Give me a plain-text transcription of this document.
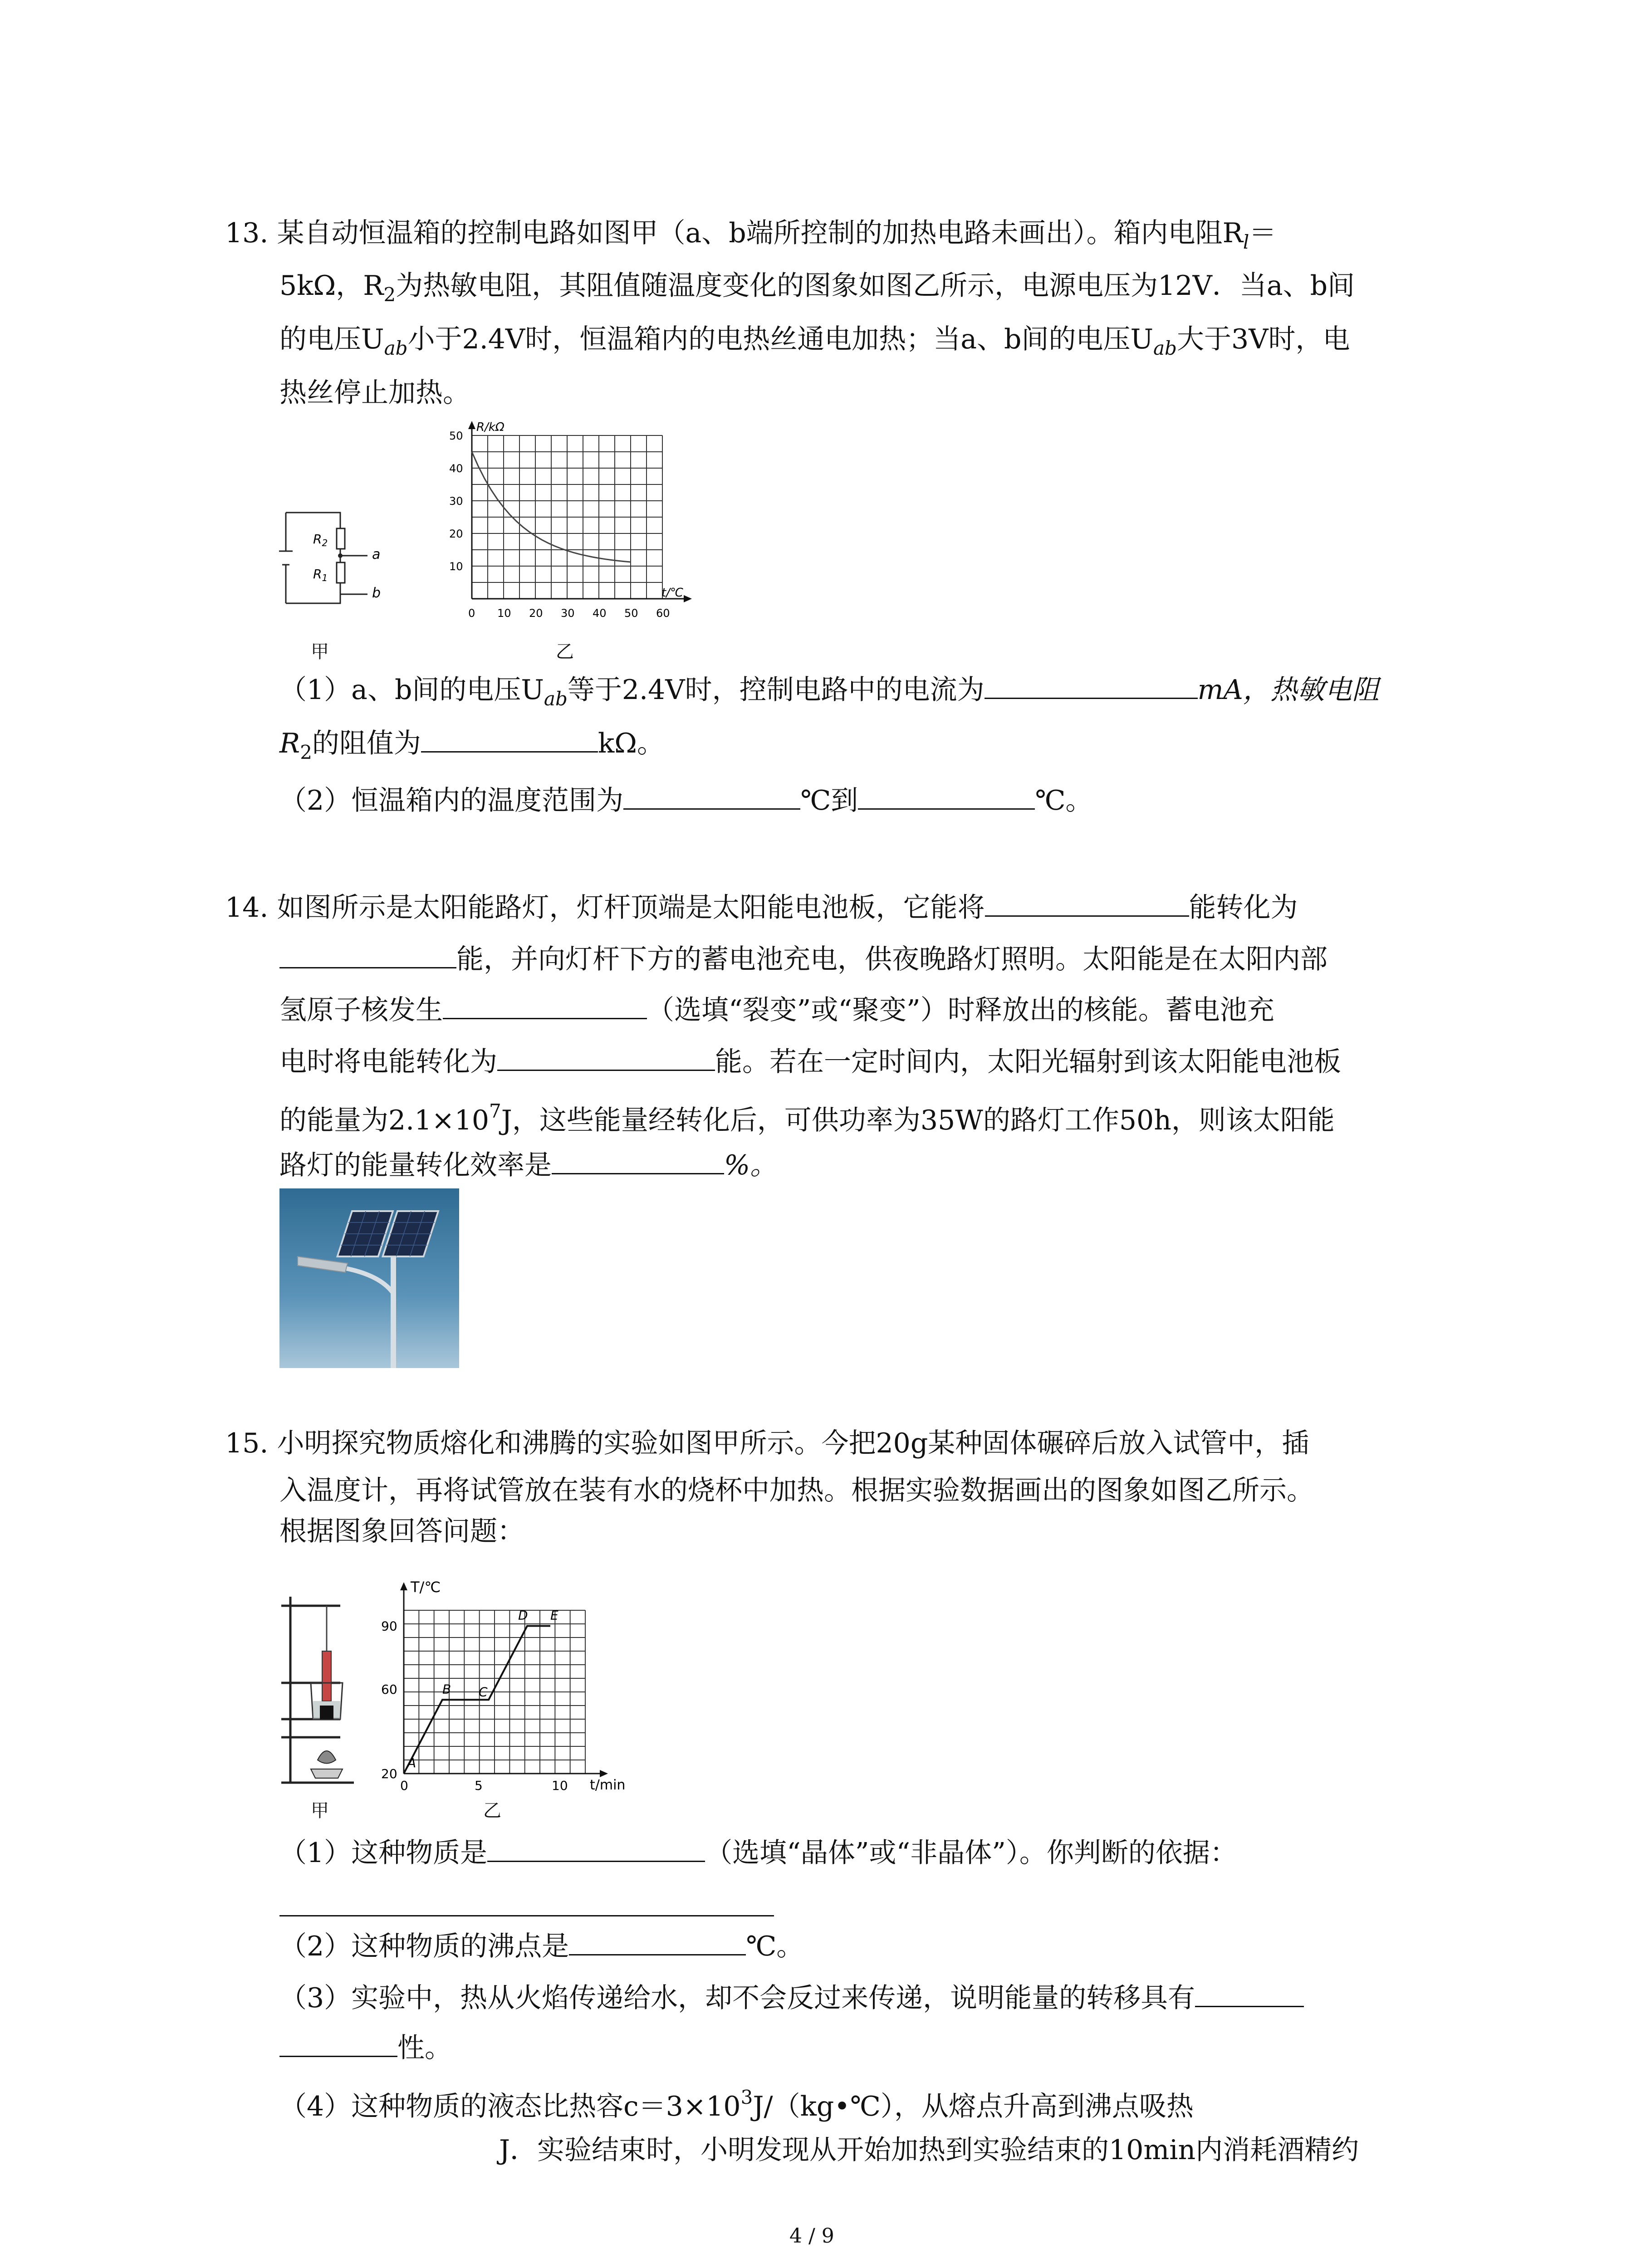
13. 某自动恒温箱的控制电路如图甲（a、b端所控制的加热电路未画出）。箱内电阻$R_l=$
5kΩ，$R_2$为热敏电阻，其阻值随温度变化的图象如图乙所示，电源电压为12V．当a、b间
的电压$U_{ab}$小于2.4V时，恒温箱内的电热丝通电加热；当a、b间的电压$U_{ab}$大于3V时，电
热丝停止加热。
$R_2$
$R_1$
a
b
甲
R/kΩ
t/℃
10
20
30
40
50
0 10 20 30 40 50 60
乙
（1）a、b间的电压$U_{ab}$等于2.4V时，控制电路中的电流为	mA，热敏电阻
$R_2$的阻值为	kΩ。
（2）恒温箱内的温度范围为	℃到	℃。
14. 如图所示是太阳能路灯，灯杆顶端是太阳能电池板，它能将	能转化为
能，并向灯杆下方的蓄电池充电，供夜晚路灯照明。太阳能是在太阳内部
氢原子核发生	（选填“裂变”或“聚变”）时释放出的核能。蓄电池充
电时将电能转化为	能。若在一定时间内，太阳光辐射到该太阳能电池板
的能量为$2.1\times 10^7J$，这些能量经转化后，可供功率为35W的路灯工作50h，则该太阳能
路灯的能量转化效率是	%。
15. 小明探究物质熔化和沸腾的实验如图甲所示。今把20g某种固体碾碎后放入试管中，插
入温度计，再将试管放在装有水的烧杯中加热。根据实验数据画出的图象如图乙所示。
根据图象回答问题：
甲
T/℃
t/min
20
60
90
0	5	10
A
B C
D E
乙
（1）这种物质是	（选填“晶体”或“非晶体”）。你判断的依据：
（2）这种物质的沸点是	℃。
（3）实验中，热从火焰传递给水，却不会反过来传递，说明能量的转移具有
性。
（4）这种物质的液态比热容$c=3\times 10^3J/(kg•℃)$，从熔点升高到沸点吸热
J．实验结束时，小明发现从开始加热到实验结束的10min内消耗酒精约
4 / 9
